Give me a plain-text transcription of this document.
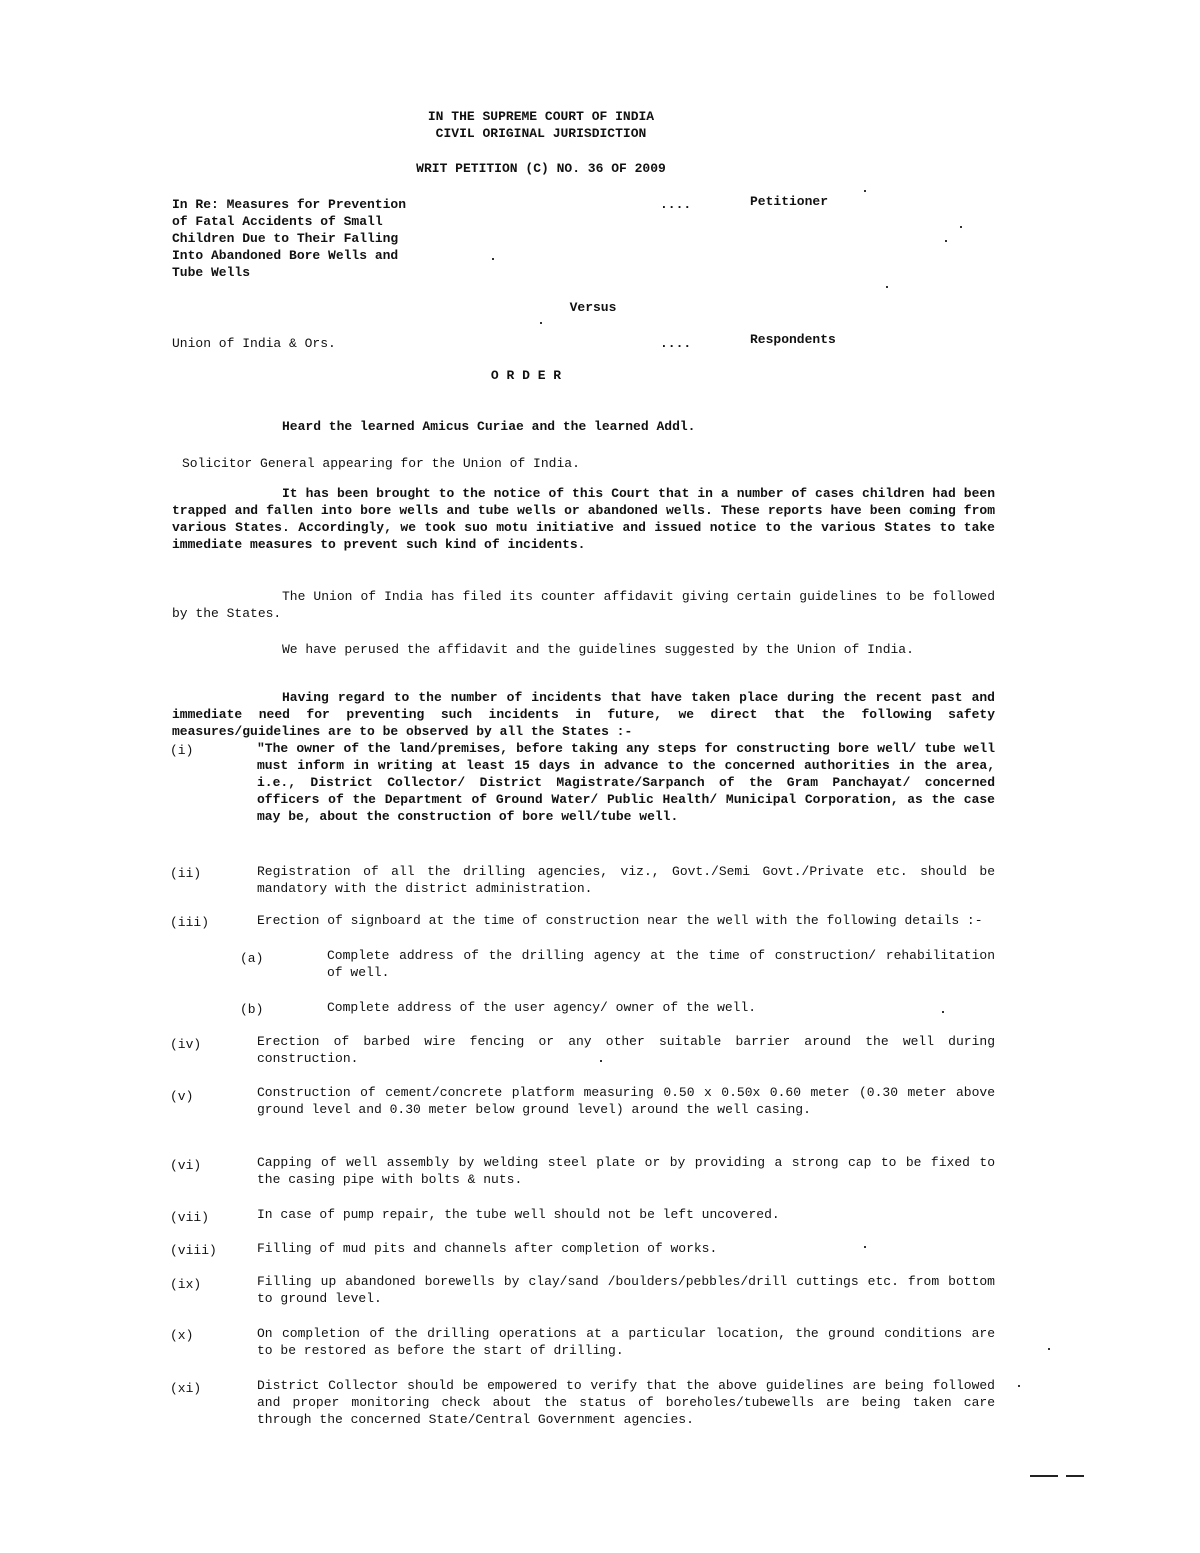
IN THE SUPREME COURT OF INDIA
CIVIL ORIGINAL JURISDICTION
WRIT PETITION (C) NO. 36 OF 2009
In Re: Measures for Prevention
of Fatal Accidents of Small
Children Due to Their Falling
Into Abandoned Bore Wells and
Tube Wells
....	Petitioner
Versus
Union of India & Ors.	....	Respondents
O R D E R
Heard the learned Amicus Curiae and the learned Addl.
Solicitor General appearing for the Union of India.
It has been brought to the notice of this Court that in a number of cases children had been trapped and fallen into bore wells and tube wells or abandoned wells. These reports have been coming from various States. Accordingly, we took suo motu initiative and issued notice to the various States to take immediate measures to prevent such kind of incidents.
The Union of India has filed its counter affidavit giving certain guidelines to be followed by the States.
We have perused the affidavit and the guidelines suggested by the Union of India.
Having regard to the number of incidents that have taken place during the recent past and immediate need for preventing such incidents in future, we direct that the following safety measures/guidelines are to be observed by all the States :-
(i)	"The owner of the land/premises, before taking any steps for constructing bore well/ tube well must inform in writing at least 15 days in advance to the concerned authorities in the area, i.e., District Collector/ District Magistrate/Sarpanch of the Gram Panchayat/ concerned officers of the Department of Ground Water/ Public Health/ Municipal Corporation, as the case may be, about the construction of bore well/tube well.
(ii)	Registration of all the drilling agencies, viz., Govt./Semi Govt./Private etc. should be mandatory with the district administration.
(iii)	Erection of signboard at the time of construction near the well with the following details :-
(a)	Complete address of the drilling agency at the time of construction/ rehabilitation of well.
(b)	Complete address of the user agency/ owner of the well.
(iv)	Erection of barbed wire fencing or any other suitable barrier around the well during construction.
(v)	Construction of cement/concrete platform measuring 0.50 x 0.50x 0.60 meter (0.30 meter above ground level and 0.30 meter below ground level) around the well casing.
(vi)	Capping of well assembly by welding steel plate or by providing a strong cap to be fixed to the casing pipe with bolts & nuts.
(vii)	In case of pump repair, the tube well should not be left uncovered.
(viii)	Filling of mud pits and channels after completion of works.
(ix)	Filling up abandoned borewells by clay/sand /boulders/pebbles/drill cuttings etc. from bottom to ground level.
(x)	On completion of the drilling operations at a particular location, the ground conditions are to be restored as before the start of drilling.
(xi)	District Collector should be empowered to verify that the above guidelines are being followed and proper monitoring check about the status of boreholes/tubewells are being taken care through the concerned State/Central Government agencies.
